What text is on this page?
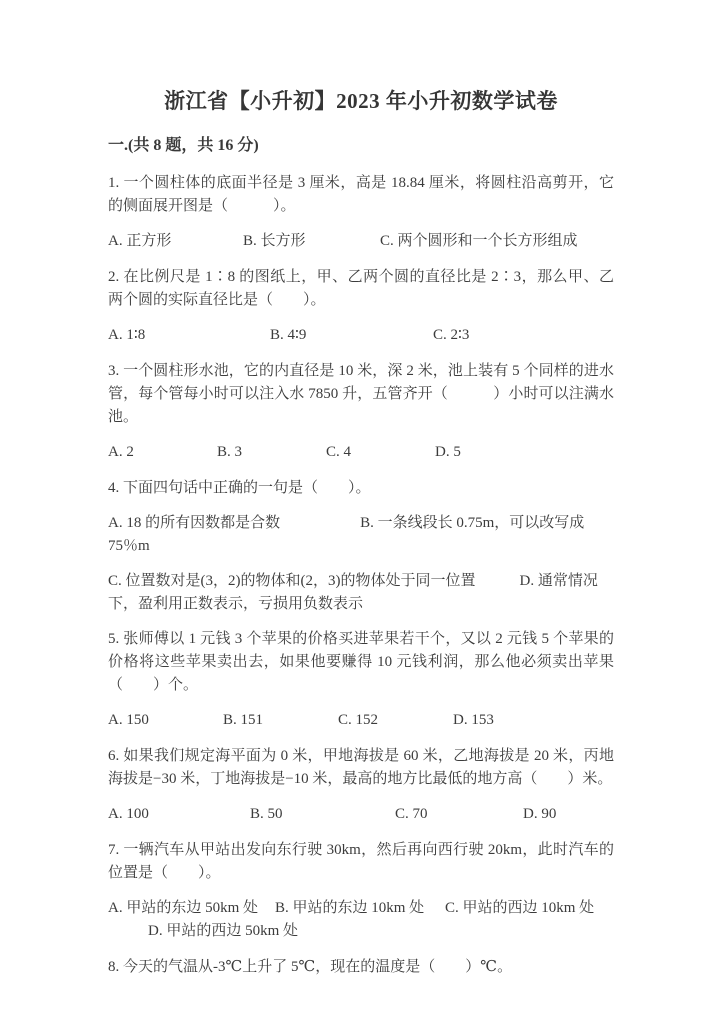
浙江省【小升初】2023 年小升初数学试卷
一.(共 8 题，共 16 分)

1. 一个圆柱体的底面半径是 3 厘米，高是 18.84 厘米，将圆柱沿高剪开，它的侧面展开图是（　　　）。

A. 正方形	B. 长方形	C. 两个圆形和一个长方形组成

2. 在比例尺是 1∶8 的图纸上，甲、乙两个圆的直径比是 2∶3，那么甲、乙两个圆的实际直径比是（　　）。

A. 1∶8	B. 4∶9	C. 2∶3

3. 一个圆柱形水池，它的内直径是 10 米，深 2 米，池上装有 5 个同样的进水管，每个管每小时可以注入水 7850 升，五管齐开（　　　）小时可以注满水池。

A. 2	B. 3	C. 4	D. 5

4. 下面四句话中正确的一句是（　　）。

A. 18 的所有因数都是合数	B. 一条线段长 0.75m，可以改写成 75％m

C. 位置数对是(3，2)的物体和(2，3)的物体处于同一位置	D. 通常情况下，盈利用正数表示，亏损用负数表示

5. 张师傅以 1 元钱 3 个苹果的价格买进苹果若干个，又以 2 元钱 5 个苹果的价格将这些苹果卖出去，如果他要赚得 10 元钱利润，那么他必须卖出苹果（　　）个。

A. 150	B. 151	C. 152	D. 153

6. 如果我们规定海平面为 0 米，甲地海拔是 60 米，乙地海拔是 20 米，丙地海拔是−30 米，丁地海拔是−10 米，最高的地方比最低的地方高（　　）米。

A. 100	B. 50	C. 70	D. 90

7. 一辆汽车从甲站出发向东行驶 30km，然后再向西行驶 20km，此时汽车的位置是（　　）。

A. 甲站的东边 50km 处	B. 甲站的东边 10km 处	C. 甲站的西边 10km 处
D. 甲站的西边 50km 处

8. 今天的气温从-3℃上升了 5℃，现在的温度是（　　）℃。
